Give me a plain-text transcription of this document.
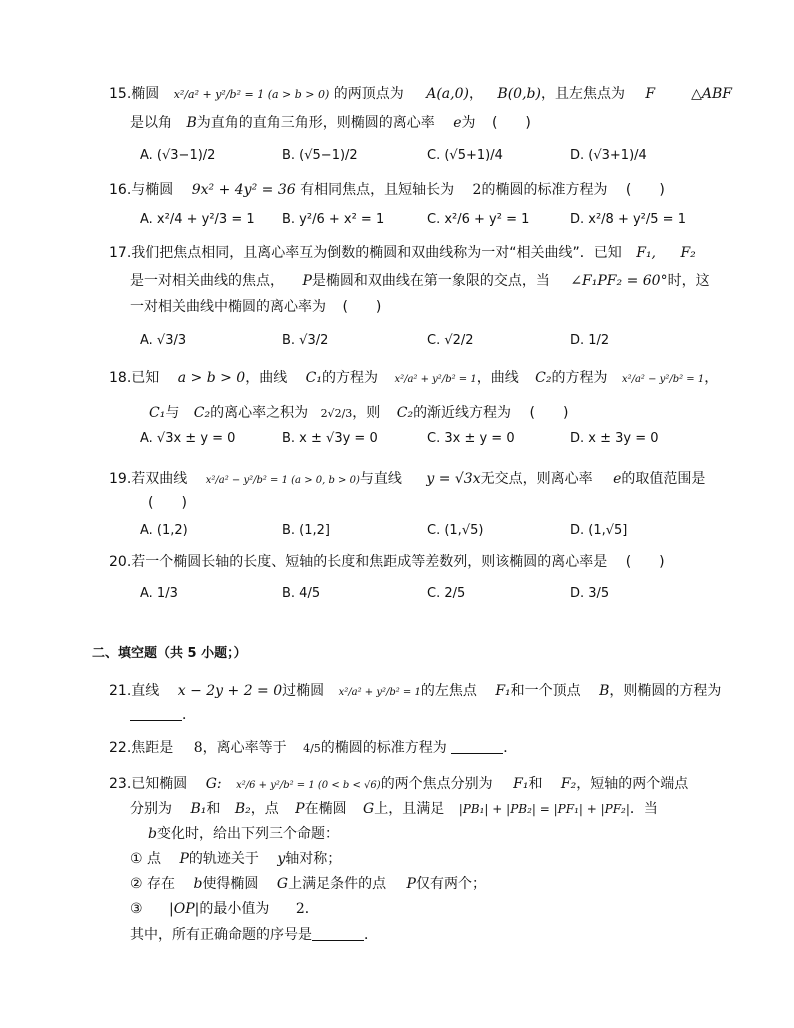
15.椭圆 x²/a² + y²/b² = 1 (a > b > 0) 的两顶点为 A(a,0)， B(0,b)，且左焦点为 F	△ABF
是以角 B为直角的直角三角形，则椭圆的离心率 e为 (　　)
A. (√3−1)/2	B. (√5−1)/2	C. (√5+1)/4	D. (√3+1)/4
16.与椭圆 9x² + 4y² = 36 有相同焦点，且短轴长为 2的椭圆的标准方程为 (　　)
A. x²/4 + y²/3 = 1 B. y²/6 + x² = 1	C. x²/6 + y² = 1	D. x²/8 + y²/5 = 1
17.我们把焦点相同，且离心率互为倒数的椭圆和双曲线称为一对“相关曲线”．已知 F₁, F₂
是一对相关曲线的焦点， P是椭圆和双曲线在第一象限的交点，当 ∠F₁PF₂ = 60°时，这
一对相关曲线中椭圆的离心率为 (　　)
A. √3/3	B. √3/2	C. √2/2	D. 1/2
18.已知 a > b > 0，曲线 C₁的方程为 x²/a² + y²/b² = 1，曲线 C₂的方程为 x²/a² − y²/b² = 1，
C₁与 C₂的离心率之积为 2√2/3，则 C₂的渐近线方程为 (　　)
A. √3x ± y = 0	B. x ± √3y = 0	C. 3x ± y = 0	D. x ± 3y = 0
19.若双曲线 x²/a² − y²/b² = 1 (a > 0, b > 0)与直线 y = √3x无交点，则离心率 e的取值范围是
(　　)
A. (1,2)	B. (1,2]	C. (1,√5)	D. (1,√5]
20.若一个椭圆长轴的长度、短轴的长度和焦距成等差数列，则该椭圆的离心率是 (　　)
A. 1/3	B. 4/5	C. 2/5	D. 3/5
二、填空题（共 5 小题；）
21.直线 x − 2y + 2 = 0过椭圆 x²/a² + y²/b² = 1的左焦点 F₁和一个顶点 B，则椭圆的方程为
．
22.焦距是 8，离心率等于 4/5的椭圆的标准方程为	．
23.已知椭圆 G: x²/6 + y²/b² = 1 (0 < b < √6)的两个焦点分别为 F₁和 F₂，短轴的两个端点
分别为 B₁和 B₂，点 P在椭圆 G上，且满足 |PB₁| + |PB₂| = |PF₁| + |PF₂|．当
b变化时，给出下列三个命题：
① 点 P的轨迹关于 y轴对称；
② 存在 b使得椭圆 G上满足条件的点 P仅有两个；
③ |OP|的最小值为 2．
其中，所有正确命题的序号是	．
